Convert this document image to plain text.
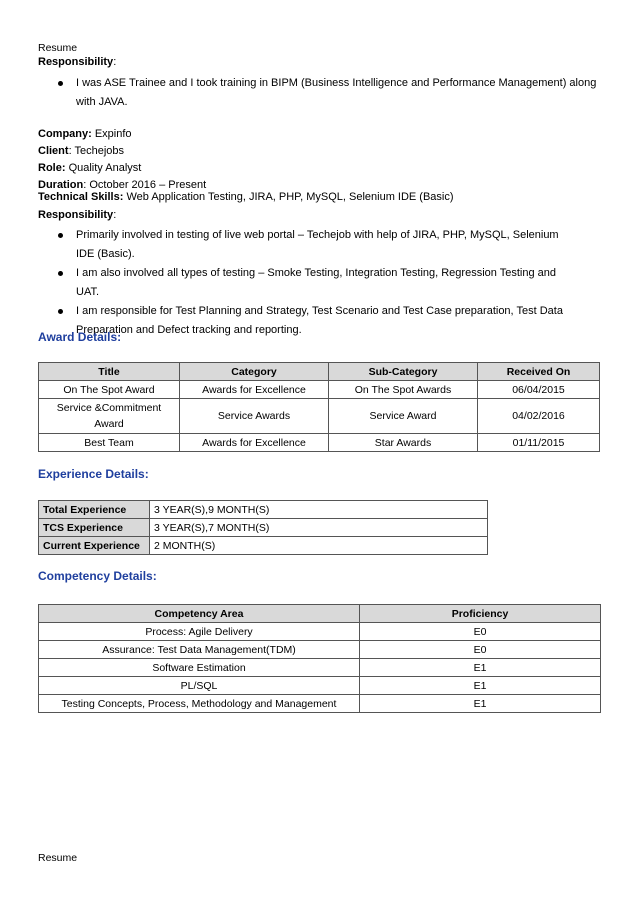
Resume
Responsibility:
I was ASE Trainee and I took training in BIPM (Business Intelligence and Performance Management) along with JAVA.
Company: Expinfo
Client: Techejobs
Role: Quality Analyst
Duration: October 2016 – Present
Technical Skills: Web Application Testing, JIRA, PHP, MySQL, Selenium IDE (Basic)
Responsibility:
Primarily involved in testing of live web portal – Techejob with help of JIRA, PHP, MySQL, Selenium IDE (Basic).
I am also involved all types of testing – Smoke Testing, Integration Testing, Regression Testing and UAT.
I am responsible for Test Planning and Strategy, Test Scenario and Test Case preparation, Test Data Preparation and Defect tracking and reporting.
Award Details:
Title	Category	Sub-Category	Received On
On The Spot Award	Awards for Excellence	On The Spot Awards	06/04/2015
Service &Commitment Award	Service Awards	Service Award	04/02/2016
Best Team	Awards for Excellence	Star Awards	01/11/2015
Experience Details:
Total Experience	3 YEAR(S),9 MONTH(S)
TCS Experience	3 YEAR(S),7 MONTH(S)
Current Experience	2 MONTH(S)
Competency Details:
Competency Area	Proficiency
Process: Agile Delivery	E0
Assurance: Test Data Management(TDM)	E0
Software Estimation	E1
PL/SQL	E1
Testing Concepts, Process, Methodology and Management	E1
Resume
